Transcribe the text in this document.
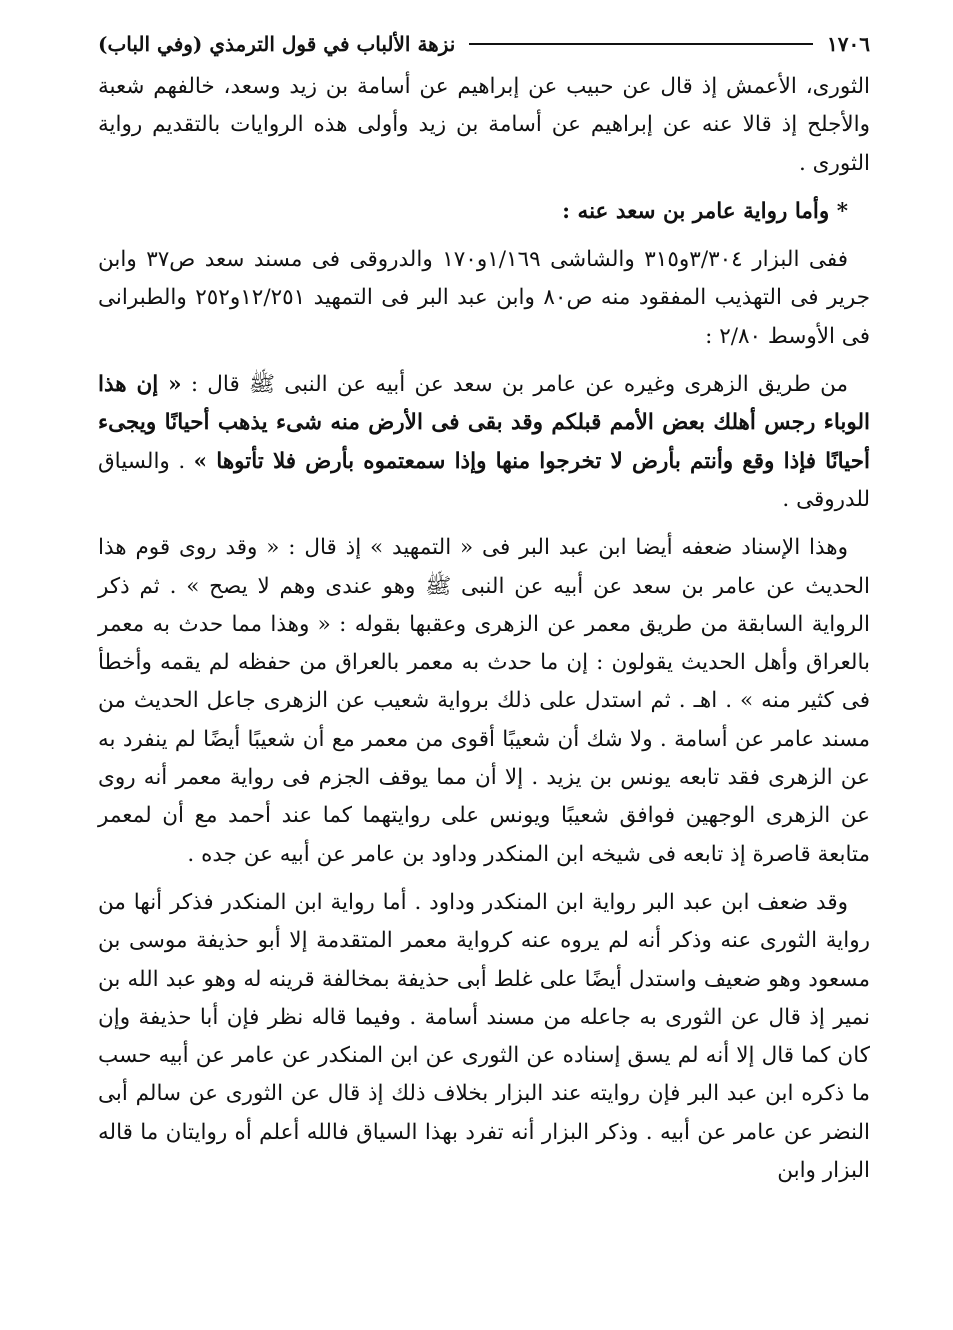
١٧٠٦
نزهة الألباب في قول الترمذي (وفي الباب)

الثورى، الأعمش إذ قال عن حبيب عن إبراهيم عن أسامة بن زيد وسعد، خالفهم شعبة والأجلح إذ قالا عنه عن إبراهيم عن أسامة بن زيد وأولى هذه الروايات بالتقديم رواية الثورى .

* وأما رواية عامر بن سعد عنه :

ففى البزار ٣/٣٠٤و٣١٥ والشاشى ١/١٦٩و١٧٠ والدروقى فى مسند سعد ص٣٧ وابن جرير فى التهذيب المفقود منه ص٨٠ وابن عبد البر فى التمهيد ١٢/٢٥١و٢٥٢ والطبرانى فى الأوسط ٢/٨٠ :

من طريق الزهرى وغيره عن عامر بن سعد عن أبيه عن النبى ﷺ قال : « إن هذا الوباء رجس أهلك بعض الأمم قبلكم وقد بقى فى الأرض منه شىء يذهب أحيانًا ويجىء أحيانًا فإذا وقع وأنتم بأرض لا تخرجوا منها وإذا سمعتموه بأرض فلا تأتوها » . والسياق للدروقى .

وهذا الإسناد ضعفه أيضا ابن عبد البر فى « التمهيد » إذ قال : « وقد روى قوم هذا الحديث عن عامر بن سعد عن أبيه عن النبى ﷺ وهو عندى وهم لا يصح » . ثم ذكر الرواية السابقة من طريق معمر عن الزهرى وعقبها بقوله : « وهذا مما حدث به معمر بالعراق وأهل الحديث يقولون : إن ما حدث به معمر بالعراق من حفظه لم يقمه وأخطأ فى كثير منه » . اهـ . ثم استدل على ذلك برواية شعيب عن الزهرى جاعل الحديث من مسند عامر عن أسامة . ولا شك أن شعيبًا أقوى من معمر مع أن شعيبًا أيضًا لم ينفرد به عن الزهرى فقد تابعه يونس بن يزيد . إلا أن مما يوقف الجزم فى رواية معمر أنه روى عن الزهرى الوجهين فوافق شعيبًا ويونس على روايتهما كما عند أحمد مع أن لمعمر متابعة قاصرة إذ تابعه فى شيخه ابن المنكدر وداود بن عامر عن أبيه عن جده .

وقد ضعف ابن عبد البر رواية ابن المنكدر وداود . أما رواية ابن المنكدر فذكر أنها من رواية الثورى عنه وذكر أنه لم يروه عنه كرواية معمر المتقدمة إلا أبو حذيفة موسى بن مسعود وهو ضعيف واستدل أيضًا على غلط أبى حذيفة بمخالفة قرينه له وهو عبد الله بن نمير إذ قال عن الثورى به جاعله من مسند أسامة . وفيما قاله نظر فإن أبا حذيفة وإن كان كما قال إلا أنه لم يسق إسناده عن الثورى عن ابن المنكدر عن عامر عن أبيه حسب ما ذكره ابن عبد البر فإن روايته عند البزار بخلاف ذلك إذ قال عن الثورى عن سالم أبى النضر عن عامر عن أبيه . وذكر البزار أنه تفرد بهذا السياق فالله أعلم أه روايتان ما قاله البزار وابن
